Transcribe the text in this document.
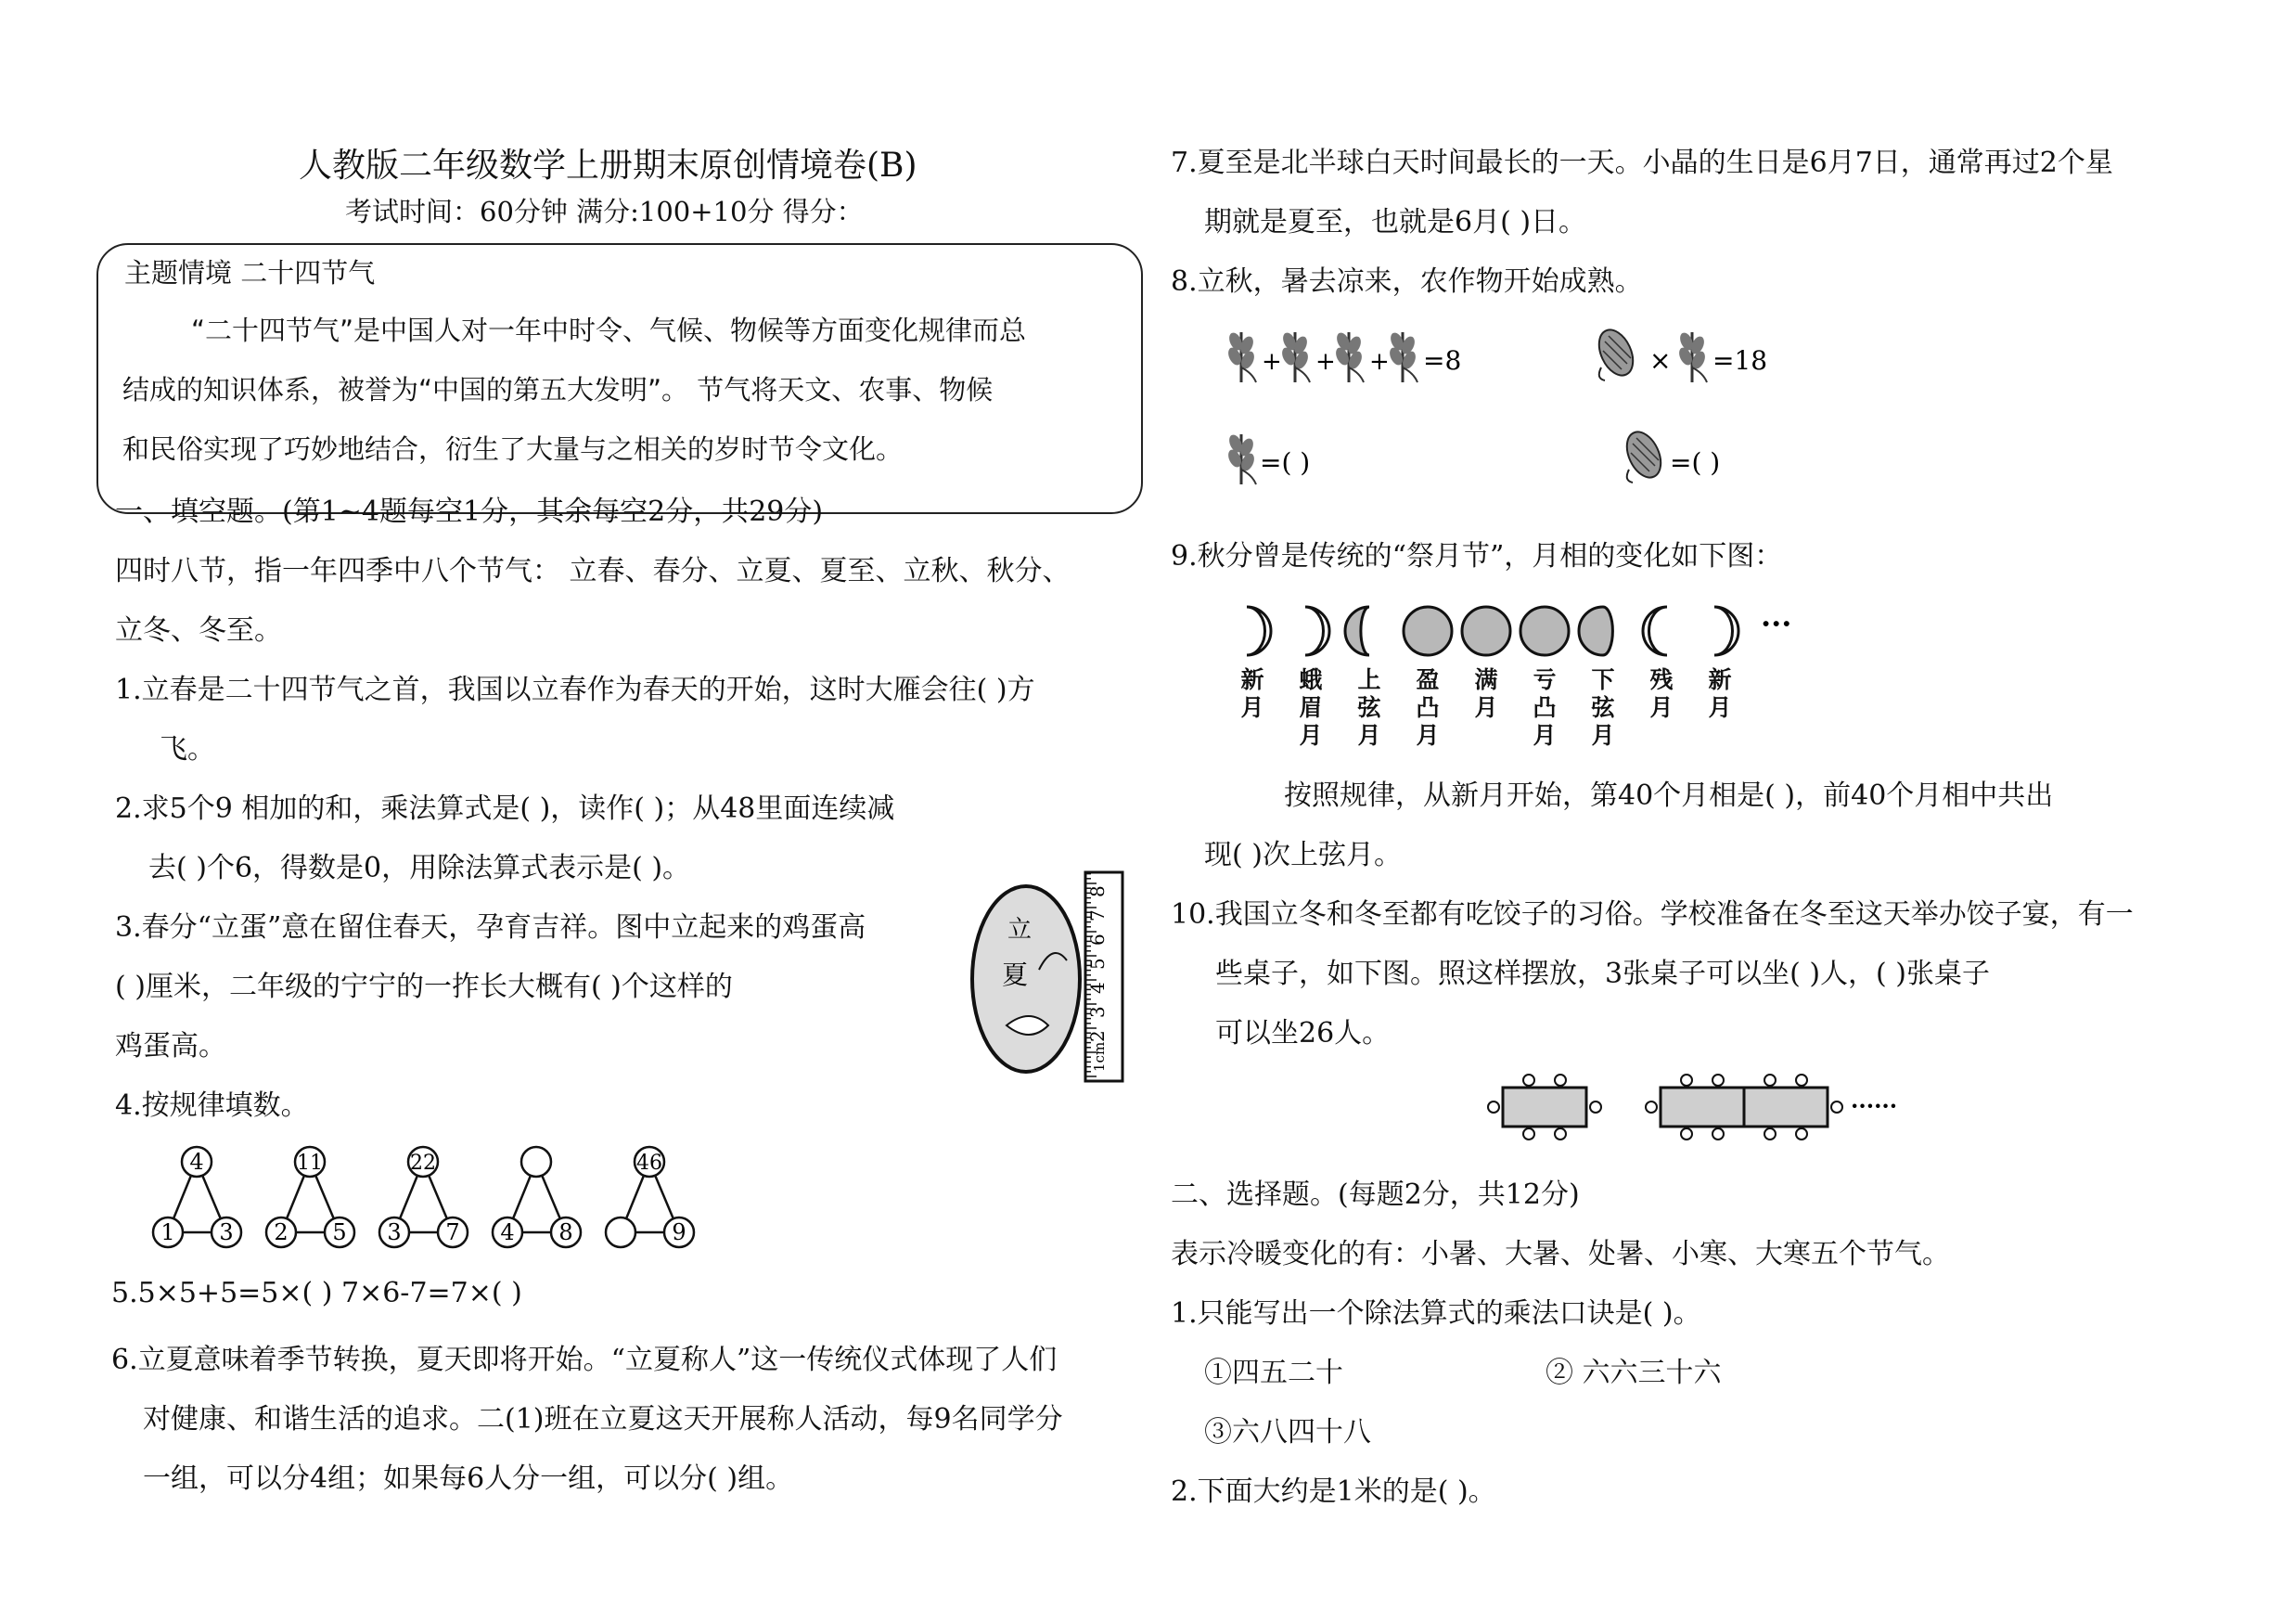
人教版二年级数学上册期末原创情境卷(B)
考试时间：60分钟 满分:100+10分 得分：
主题情境 二十四节气
“二十四节气”是中国人对一年中时令、气候、物候等方面变化规律而总
结成的知识体系，被誉为“中国的第五大发明”。 节气将天文、农事、物候
和民俗实现了巧妙地结合，衍生了大量与之相关的岁时节令文化。
一、填空题。(第1~4题每空1分，其余每空2分，共29分)
四时八节，指一年四季中八个节气： 立春、春分、立夏、夏至、立秋、秋分、
立冬、冬至。
1.立春是二十四节气之首，我国以立春作为春天的开始，这时大雁会往( )方
飞。
2.求5个9 相加的和，乘法算式是( )，读作( )；从48里面连续减
去( )个6，得数是0，用除法算式表示是( )。
3.春分“立蛋”意在留住春天，孕育吉祥。图中立起来的鸡蛋高
( )厘米，二年级的宁宁的一拃长大概有( )个这样的
鸡蛋高。
立
夏
1cm
2
3
4
5
6
7
8
4.按规律填数。
4
1 3
11
2 5
22
3 7 4 8
46
9
5.5×5+5=5×( ) 7×6-7=7×( )
6.立夏意味着季节转换，夏天即将开始。“立夏称人”这一传统仪式体现了人们
对健康、和谐生活的追求。二(1)班在立夏这天开展称人活动，每9名同学分
一组，可以分4组；如果每6人分一组，可以分( )组。
7.夏至是北半球白天时间最长的一天。小晶的生日是6月7日，通常再过2个星
期就是夏至，也就是6月( )日。
8.立秋，暑去凉来，农作物开始成熟。
+ + + =8	× =18
=( )	=( )
9.秋分曾是传统的“祭月节”，月相的变化如下图：
···
新
月
蛾
眉
月
上
弦
月
盈
凸
月
满
月
亏
凸
月
下
弦
月
残
月
新
月
按照规律，从新月开始，第40个月相是( )，前40个月相中共出
现( )次上弦月。
10.我国立冬和冬至都有吃饺子的习俗。学校准备在冬至这天举办饺子宴，有一
些桌子，如下图。照这样摆放，3张桌子可以坐( )人，( )张桌子
可以坐26人。
······
二、选择题。(每题2分，共12分)
表示冷暖变化的有：小暑、大暑、处暑、小寒、大寒五个节气。
1.只能写出一个除法算式的乘法口诀是( )。
①四五二十	② 六六三十六
③六八四十八
2.下面大约是1米的是( )。
